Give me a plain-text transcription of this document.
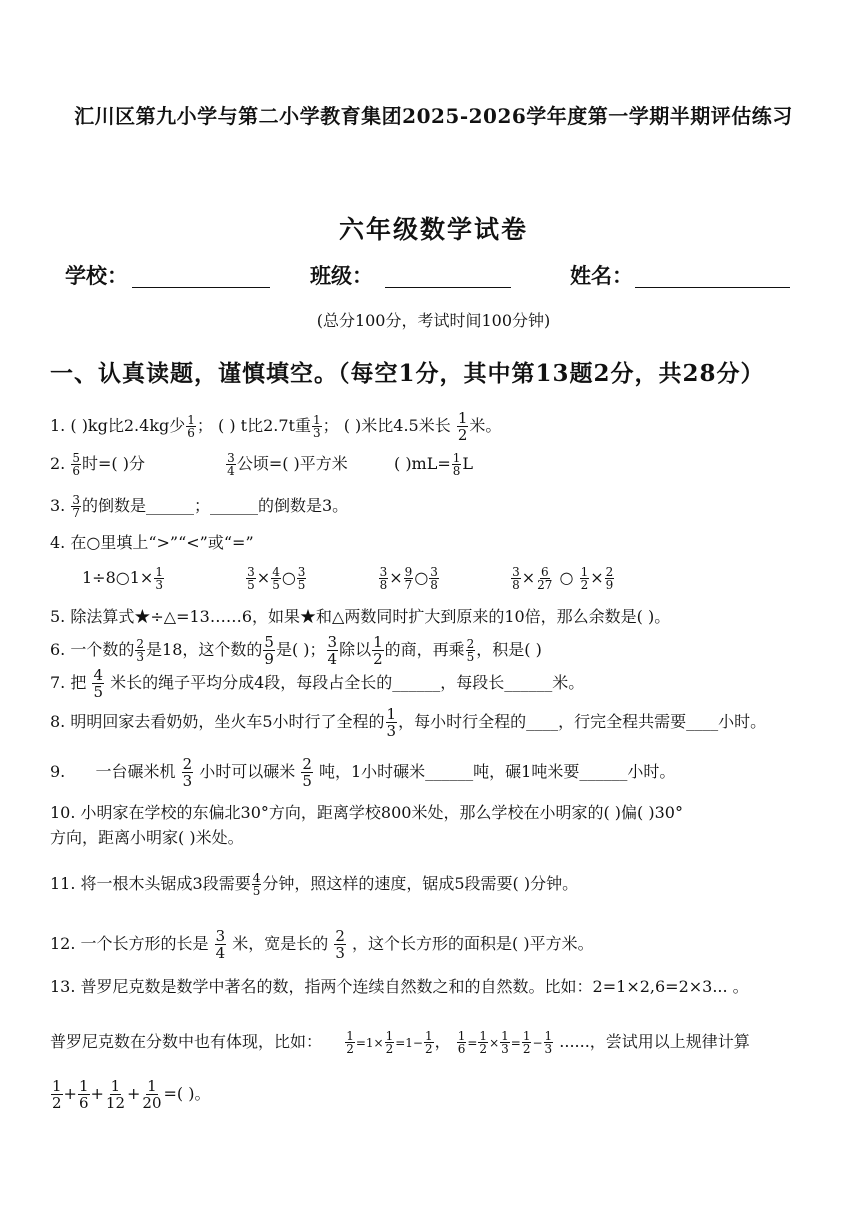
汇川区第九小学与第二小学教育集团2025-2026学年度第一学期半期评估练习
六年级数学试卷
学校：	班级：	姓名：
(总分100分，考试时间100分钟)
一、认真读题，谨慎填空。（每空1分，其中第13题2分，共28分）
1. ( )kg比2.4kg少 $\frac{1}{6}$ ； ( ) t比2.7t重 $\frac{1}{3}$ ； ( )米比4.5米长 $\frac{1}{2}$ 米。
2. $\frac{5}{6}$ 时=( )分	$\frac{3}{4}$ 公顷=( )平方米	( )$mL= \frac{1}{8}$ L
3. $\frac{3}{7}$ 的倒数是______；______的倒数是3。
4. 在○里填上“>”“<”或“=”
1÷8○1× $\frac{1}{3}$
	$\frac{3}{5} \times \frac{4}{5}$ ○ $\frac{3}{5}$
	$\frac{3}{8} \times \frac{9}{7}$ ○ $\frac{3}{8}$
	$\frac{3}{8} \times \frac{6}{27}$ ○ $\frac{1}{2} \times \frac{2}{9}$
5. 除法算式★÷△=13……6，如果★和△两数同时扩大到原来的10倍，那么余数是( )。
6. 一个数的 $\frac{2}{3}$ 是18，这个数的 $\frac{5}{9}$ 是( )； $\frac{3}{4}$ 除以 $\frac{1}{2}$ 的商，再乘 $\frac{2}{5}$ ，积是( )
7. 把 $\frac{4}{5}$ 米长的绳子平均分成4段，每段占全长的______，每段长______米。
8. 明明回家去看奶奶，坐火车5小时行了全程的 $\frac{1}{3}$ ，每小时行全程的____，行完全程共需要____小时。
9. 一台碾米机 $\frac{2}{3}$ 小时可以碾米 $\frac{2}{5}$ 吨，1小时碾米______吨，碾1吨米要______小时。
10. 小明家在学校的东偏北30°方向，距离学校800米处，那么学校在小明家的( )偏( )30°
方向，距离小明家( )米处。
11. 将一根木头锯成3段需要 $\frac{4}{5}$ 分钟，照这样的速度，锯成5段需要( )分钟。
12. 一个长方形的长是 $\frac{3}{4}$ 米，宽是长的 $\frac{2}{3}$ ，这个长方形的面积是( )平方米。
13. 普罗尼克数是数学中著名的数，指两个连续自然数之和的自然数。比如：2=1×2,6=2×3... 。
普罗尼克数在分数中也有体现，比如： $\frac{1}{2} =1\times \frac{1}{2} =1- \frac{1}{2}$ ， $\frac{1}{6} = \frac{1}{2} \times \frac{1}{3} = \frac{1}{2} - \frac{1}{3}$ ......，尝试用以上规律计算
$\frac{1}{2} + \frac{1}{6} + \frac{1}{12} + \frac{1}{20}$ =( )。
